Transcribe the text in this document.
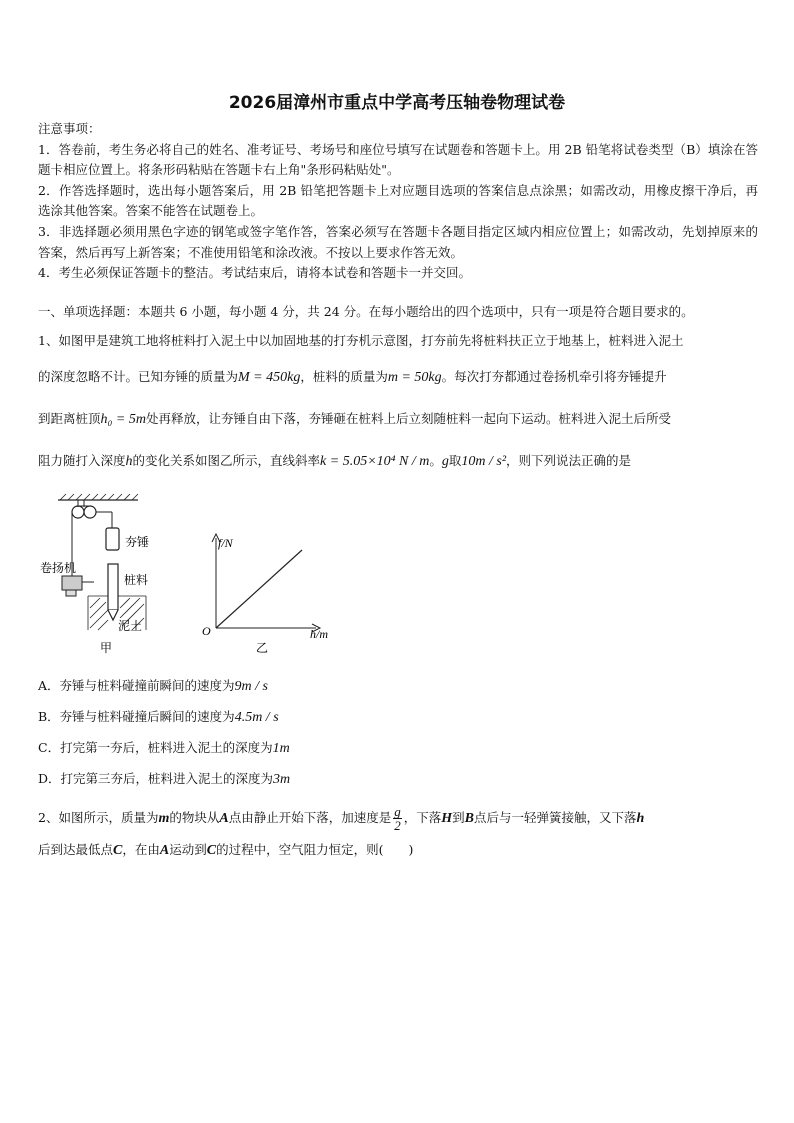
2026届漳州市重点中学高考压轴卷物理试卷

注意事项：

1．答卷前，考生务必将自己的姓名、准考证号、考场号和座位号填写在试题卷和答题卡上。用 2B 铅笔将试卷类型（B）填涂在答题卡相应位置上。将条形码粘贴在答题卡右上角"条形码粘贴处"。

2．作答选择题时，选出每小题答案后，用 2B 铅笔把答题卡上对应题目选项的答案信息点涂黑；如需改动，用橡皮擦干净后，再选涂其他答案。答案不能答在试题卷上。

3．非选择题必须用黑色字迹的钢笔或签字笔作答，答案必须写在答题卡各题目指定区域内相应位置上；如需改动，先划掉原来的答案，然后再写上新答案；不准使用铅笔和涂改液。不按以上要求作答无效。

4．考生必须保证答题卡的整洁。考试结束后，请将本试卷和答题卡一并交回。

一、单项选择题：本题共 6 小题，每小题 4 分，共 24 分。在每小题给出的四个选项中，只有一项是符合题目要求的。

1、如图甲是建筑工地将桩料打入泥土中以加固地基的打夯机示意图，打夯前先将桩料扶正立于地基上，桩料进入泥土

的深度忽略不计。已知夯锤的质量为M = 450kg，桩料的质量为m = 50kg。每次打夯都通过卷扬机牵引将夯锤提升

到距离桩顶h₀ = 5m处再释放，让夯锤自由下落，夯锤砸在桩料上后立刻随桩料一起向下运动。桩料进入泥土后所受

阻力随打入深度h的变化关系如图乙所示，直线斜率k = 5.05×10⁴ N / m。g取10m / s²，则下列说法正确的是

夯锤
卷扬机
桩料
泥土
甲
f/N
h/m
O
乙

A．夯锤与桩料碰撞前瞬间的速度为9m / s

B．夯锤与桩料碰撞后瞬间的速度为4.5m / s

C．打完第一夯后，桩料进入泥土的深度为1m

D．打完第三夯后，桩料进入泥土的深度为3m

2、如图所示，质量为m的物块从A点由静止开始下落，加速度是 $\frac{g}{2}$ ，下落H到B点后与一轻弹簧接触，又下落h

后到达最低点C，在由A运动到C的过程中，空气阻力恒定，则(　　)
